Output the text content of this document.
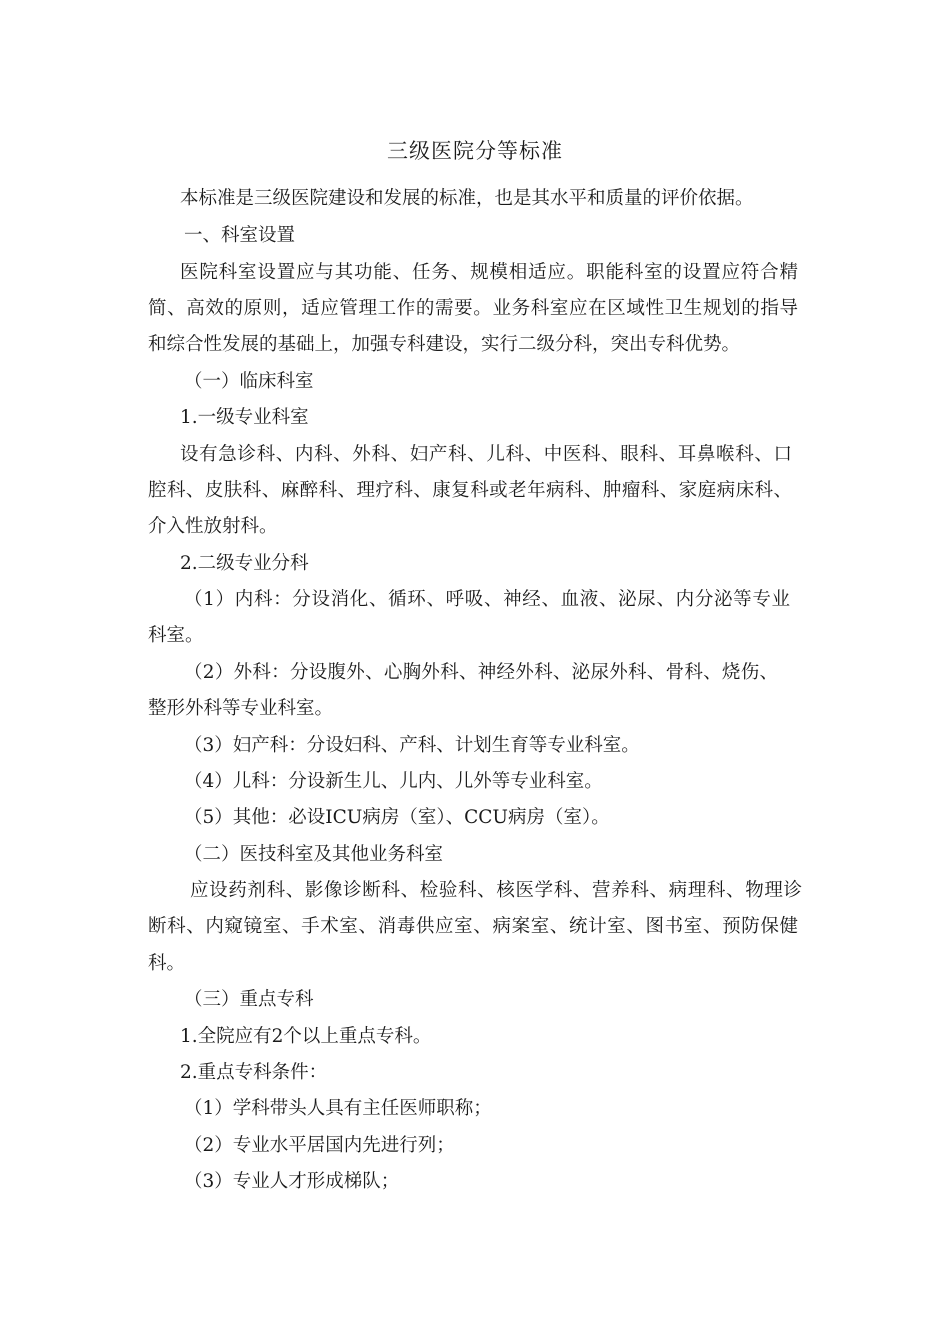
三级医院分等标准
本标准是三级医院建设和发展的标准，也是其水平和质量的评价依据。
一、科室设置
医院科室设置应与其功能、任务、规模相适应。职能科室的设置应符合精
简、高效的原则，适应管理工作的需要。业务科室应在区域性卫生规划的指导
和综合性发展的基础上，加强专科建设，实行二级分科，突出专科优势。
（一）临床科室
1.一级专业科室
设有急诊科、内科、外科、妇产科、儿科、中医科、眼科、耳鼻喉科、口
腔科、皮肤科、麻醉科、理疗科、康复科或老年病科、肿瘤科、家庭病床科、
介入性放射科。
2.二级专业分科
（1）内科：分设消化、循环、呼吸、神经、血液、泌尿、内分泌等专业
科室。
（2）外科：分设腹外、心胸外科、神经外科、泌尿外科、骨科、烧伤、
整形外科等专业科室。
（3）妇产科：分设妇科、产科、计划生育等专业科室。
（4）儿科：分设新生儿、儿内、儿外等专业科室。
（5）其他：必设ICU病房（室）、CCU病房（室）。
（二）医技科室及其他业务科室
应设药剂科、影像诊断科、检验科、核医学科、营养科、病理科、物理诊
断科、内窥镜室、手术室、消毒供应室、病案室、统计室、图书室、预防保健
科。
（三）重点专科
1.全院应有2个以上重点专科。
2.重点专科条件：
（1）学科带头人具有主任医师职称；
（2）专业水平居国内先进行列；
（3）专业人才形成梯队；
